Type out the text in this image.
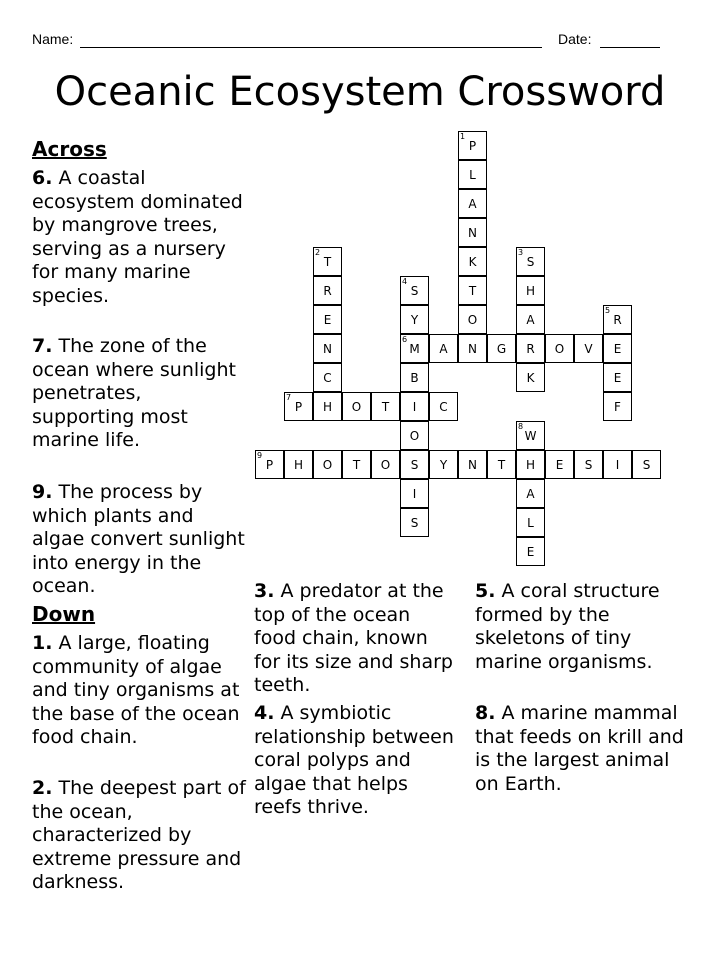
Name:	Date:
Oceanic Ecosystem Crossword
Across
6. A coastal ecosystem dominated by mangrove trees, serving as a nursery for many marine species.
7. The zone of the ocean where sunlight penetrates, supporting most marine life.
9. The process by which plants and algae convert sunlight into energy in the ocean.
Down
1. A large, floating community of algae and tiny organisms at the base of the ocean food chain.
2. The deepest part of the ocean, characterized by extreme pressure and darkness.
3. A predator at the top of the ocean food chain, known for its size and sharp teeth.
4. A symbiotic relationship between coral polyps and algae that helps reefs thrive.
5. A coral structure formed by the skeletons of tiny marine organisms.
8. A marine mammal that feeds on krill and is the largest animal on Earth.
1
P
L
A
N
K
T
O
N
2
T
R
E
N
C
H
3
S
H
A
R
K
4
S
Y
6
M
B
I
O
S
I
S
5
R
E
E
F
A	G	O	V
7
P	O	T	C
8
W
H
A
L
E
9
P	H	O	T	O	Y	N	T	E	S	I	S
